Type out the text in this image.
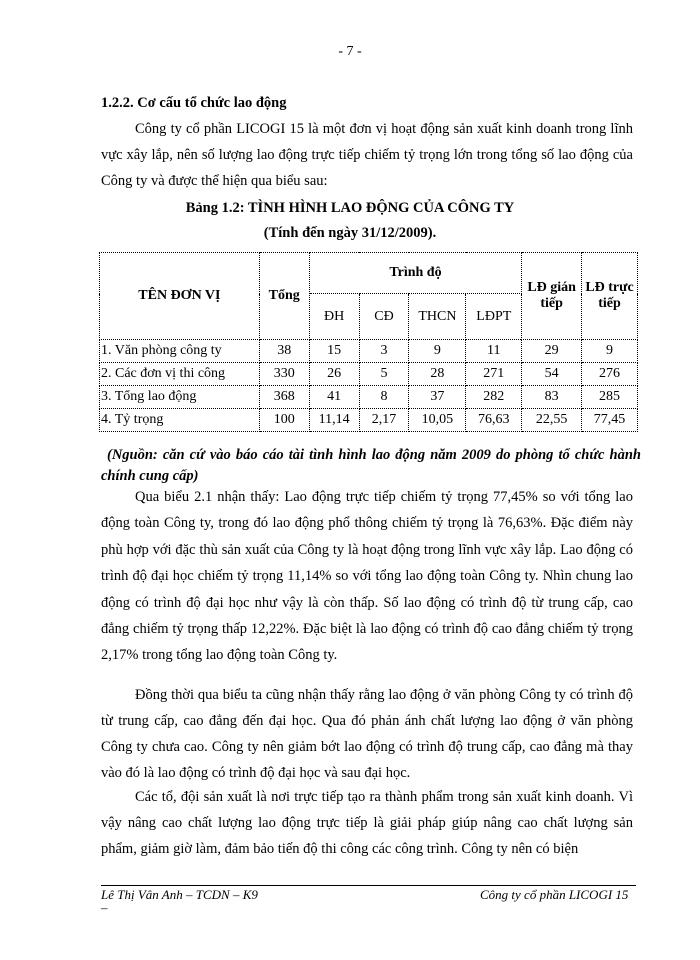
- 7 -
1.2.2. Cơ cấu tổ chức lao động

Công ty cổ phần LICOGI 15 là một đơn vị hoạt động sản xuất kinh doanh trong lĩnh vực xây lắp, nên số lượng lao động trực tiếp chiếm tỷ trọng lớn trong tổng số lao động của Công ty và được thể hiện qua biểu sau:

Bảng 1.2: TÌNH HÌNH LAO ĐỘNG CỦA CÔNG TY
(Tính đến ngày 31/12/2009).
TÊN ĐƠN VỊ	Tổng	Trình độ				LĐ gián tiếp	LĐ trực tiếp
		ĐH	CĐ	THCN	LĐPT		
1. Văn phòng công ty	38	15	3	9	11	29	9
2. Các đơn vị thi công	330	26	5	28	271	54	276
3. Tổng lao động	368	41	8	37	282	83	285
4. Tỷ trọng	100	11,14	2,17	10,05	76,63	22,55	77,45
(Nguồn: căn cứ vào báo cáo tài tình hình lao động năm 2009 do phòng tổ chức hành chính cung cấp)

Qua biểu 2.1 nhận thấy: Lao động trực tiếp chiếm tỷ trọng 77,45% so với tổng lao động toàn Công ty, trong đó lao động phổ thông chiếm tỷ trọng là 76,63%. Đặc điểm này phù hợp với đặc thù sản xuất của Công ty là hoạt động trong lĩnh vực xây lắp. Lao động có trình độ đại học chiếm tỷ trọng 11,14% so với tổng lao động toàn Công ty. Nhìn chung lao động có trình độ đại học như vậy là còn thấp. Số lao động có trình độ từ trung cấp, cao đẳng chiếm tỷ trọng thấp 12,22%. Đặc biệt là lao động có trình độ cao đẳng chiếm tỷ trọng 2,17% trong tổng lao động toàn Công ty.

Đồng thời qua biểu ta cũng nhận thấy rằng lao động ở văn phòng Công ty có trình độ từ trung cấp, cao đẳng đến đại học. Qua đó phản ánh chất lượng lao động ở văn phòng Công ty chưa cao. Công ty nên giảm bớt lao động có trình độ trung cấp, cao đẳng mà thay vào đó là lao động có trình độ đại học và sau đại học.

Các tổ, đội sản xuất là nơi trực tiếp tạo ra thành phẩm trong sản xuất kinh doanh. Vì vậy nâng cao chất lượng lao động trực tiếp là giải pháp giúp nâng cao chất lượng sản phẩm, giảm giờ làm, đảm bảo tiến độ thi công các công trình. Công ty nên có biện

Lê Thị Vân Anh – TCDN – K9	Công ty cổ phần LICOGI 15
–
